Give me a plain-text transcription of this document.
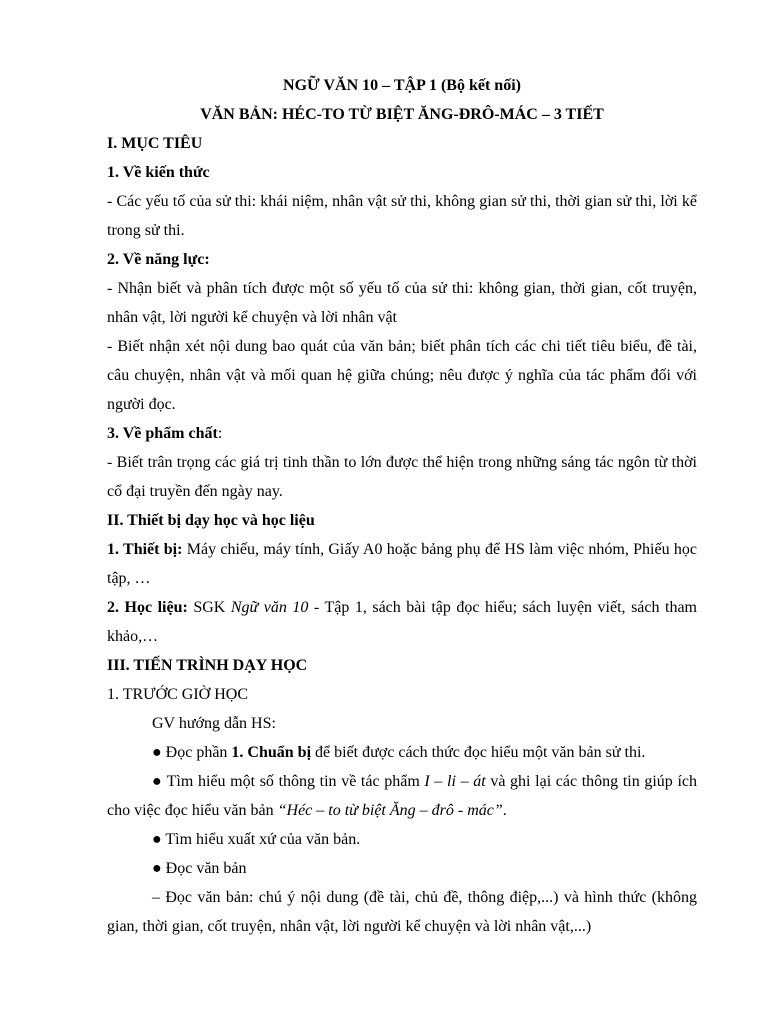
NGỮ VĂN 10 – TẬP 1 (Bộ kết nối)

VĂN BẢN: HÉC-TO TỪ BIỆT ĂNG-ĐRÔ-MÁC – 3 TIẾT

I. MỤC TIÊU

1. Về kiến thức

- Các yếu tố của sử thi: khái niệm, nhân vật sử thi, không gian sử thi, thời gian sử thi, lời kể trong sử thi.

2. Về năng lực:

- Nhận biết và phân tích được một số yếu tố của sử thi: không gian, thời gian, cốt truyện, nhân vật, lời người kể chuyện và lời nhân vật

- Biết nhận xét nội dung bao quát của văn bản; biết phân tích các chi tiết tiêu biểu, đề tài, câu chuyện, nhân vật và mối quan hệ giữa chúng; nêu được ý nghĩa của tác phẩm đối với người đọc.

3. Về phẩm chất:

- Biết trân trọng các giá trị tinh thần to lớn được thể hiện trong những sáng tác ngôn từ thời cổ đại truyền đến ngày nay.

II. Thiết bị dạy học và học liệu

1. Thiết bị: Máy chiếu, máy tính, Giấy A0 hoặc bảng phụ để HS làm việc nhóm, Phiếu học tập, …

2. Học liệu: SGK Ngữ văn 10 - Tập 1, sách bài tập đọc hiểu; sách luyện viết, sách tham khảo,…

III. TIẾN TRÌNH DẠY HỌC

1. TRƯỚC GIỜ HỌC

GV hướng dẫn HS:

● Đọc phần 1. Chuẩn bị để biết được cách thức đọc hiểu một văn bản sử thi.

● Tìm hiểu một số thông tin về tác phẩm I – li – át và ghi lại các thông tin giúp ích cho việc đọc hiểu văn bản “Héc – to từ biệt Ăng – đrô - mác”.

● Tìm hiểu xuất xứ của văn bản.

● Đọc văn bản

– Đọc văn bản: chú ý nội dung (đề tài, chủ đề, thông điệp,...) và hình thức (không gian, thời gian, cốt truyện, nhân vật, lời người kể chuyện và lời nhân vật,...)
